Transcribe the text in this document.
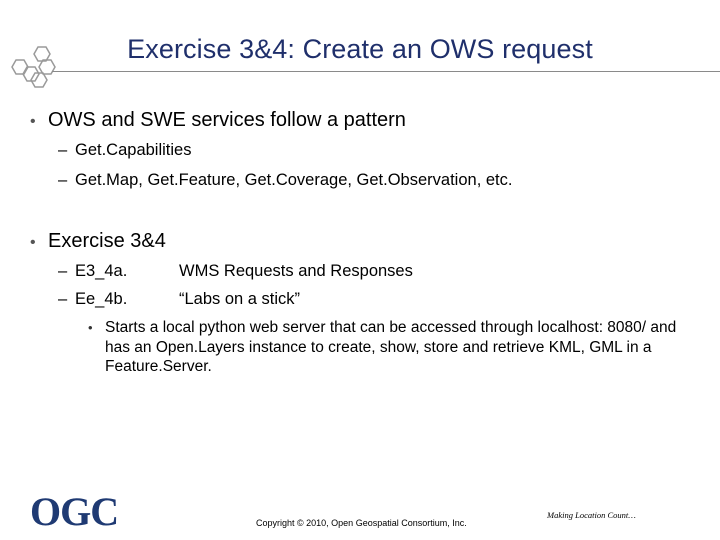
Exercise 3&4: Create an OWS request
• OWS and SWE services follow a pattern
– Get.Capabilities
– Get.Map, Get.Feature, Get.Coverage, Get.Observation, etc.
• Exercise 3&4
– E3_4a.	WMS Requests and Responses
– Ee_4b.	“Labs on a stick”
• Starts a local python web server that can be accessed through localhost: 8080/ and has an Open.Layers instance to create, show, store and retrieve KML, GML in a Feature.Server.
OGC	Copyright © 2010, Open Geospatial Consortium, Inc.
Making Location Count…
